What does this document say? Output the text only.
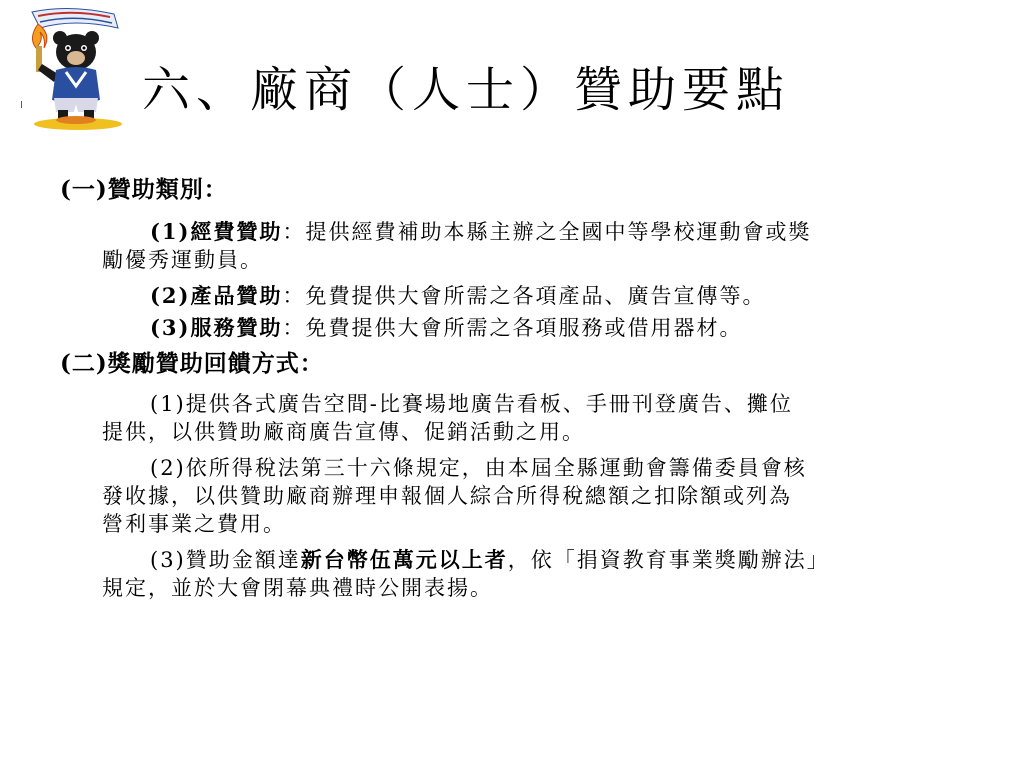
I 六、廠商（人士）贊助要點
(一)贊助類別：
(1)經費贊助：提供經費補助本縣主辦之全國中等學校運動會或獎
勵優秀運動員。
(2)產品贊助：免費提供大會所需之各項產品、廣告宣傳等。
(3)服務贊助：免費提供大會所需之各項服務或借用器材。
(二)獎勵贊助回饋方式：
(1)提供各式廣告空間-比賽場地廣告看板、手冊刊登廣告、攤位
提供，以供贊助廠商廣告宣傳、促銷活動之用。
(2)依所得稅法第三十六條規定，由本屆全縣運動會籌備委員會核
發收據，以供贊助廠商辦理申報個人綜合所得稅總額之扣除額或列為
營利事業之費用。
(3)贊助金額達新台幣伍萬元以上者，依「捐資教育事業獎勵辦法」
規定，並於大會閉幕典禮時公開表揚。
